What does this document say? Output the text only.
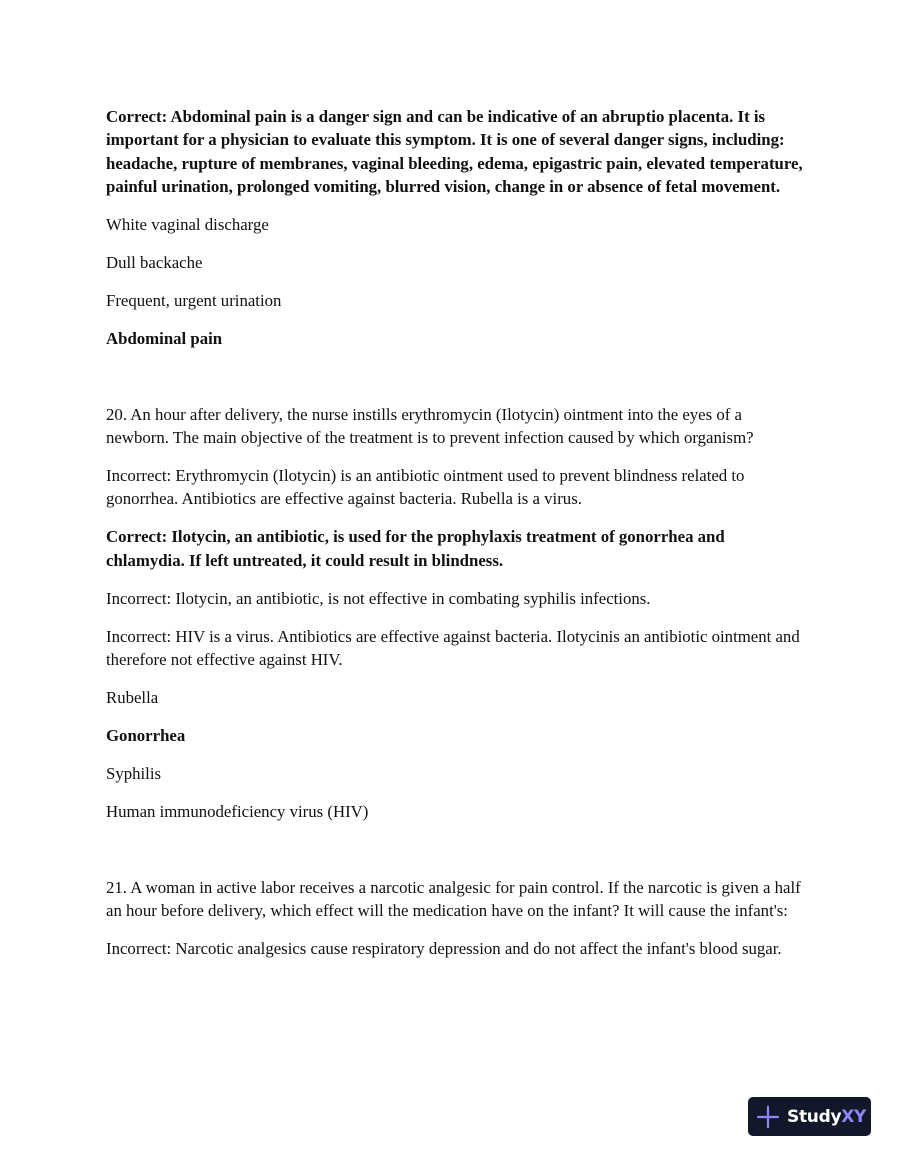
Correct: Abdominal pain is a danger sign and can be indicative of an abruptio placenta. It is important for a physician to evaluate this symptom. It is one of several danger signs, including: headache, rupture of membranes, vaginal bleeding, edema, epigastric pain, elevated temperature, painful urination, prolonged vomiting, blurred vision, change in or absence of fetal movement.

White vaginal discharge

Dull backache

Frequent, urgent urination

Abdominal pain

20. An hour after delivery, the nurse instills erythromycin (Ilotycin) ointment into the eyes of a newborn. The main objective of the treatment is to prevent infection caused by which organism?

Incorrect: Erythromycin (Ilotycin) is an antibiotic ointment used to prevent blindness related to gonorrhea. Antibiotics are effective against bacteria. Rubella is a virus.

Correct: Ilotycin, an antibiotic, is used for the prophylaxis treatment of gonorrhea and chlamydia. If left untreated, it could result in blindness.

Incorrect: Ilotycin, an antibiotic, is not effective in combating syphilis infections.

Incorrect: HIV is a virus. Antibiotics are effective against bacteria. Ilotycinis an antibiotic ointment and therefore not effective against HIV.

Rubella

Gonorrhea

Syphilis

Human immunodeficiency virus (HIV)

21. A woman in active labor receives a narcotic analgesic for pain control. If the narcotic is given a half an hour before delivery, which effect will the medication have on the infant? It will cause the infant's:

Incorrect: Narcotic analgesics cause respiratory depression and do not affect the infant's blood sugar.

StudyXY
